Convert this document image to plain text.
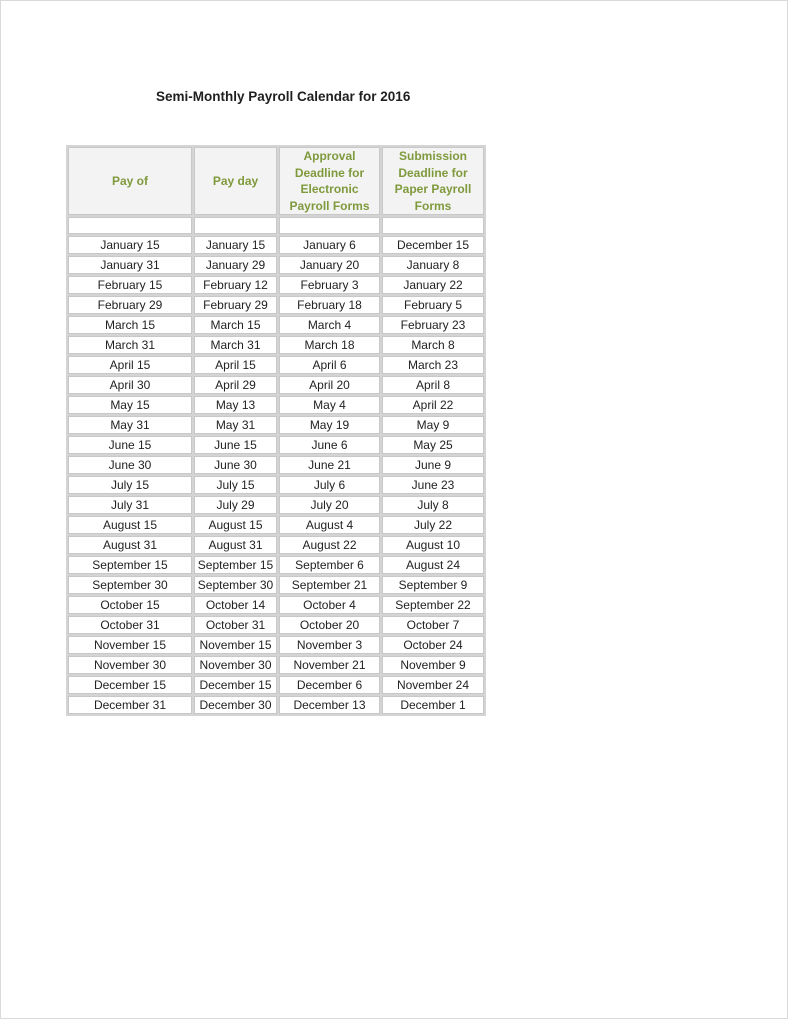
Semi-Monthly Payroll Calendar for 2016
Pay of	Pay day	Approval Deadline for Electronic Payroll Forms	Submission Deadline for Paper Payroll Forms

January 15	January 15	January 6	December 15
January 31	January 29	January 20	January 8
February 15	February 12	February 3	January 22
February 29	February 29	February 18	February 5
March 15	March 15	March 4	February 23
March 31	March 31	March 18	March 8
April 15	April 15	April 6	March 23
April 30	April 29	April 20	April 8
May 15	May 13	May 4	April 22
May 31	May 31	May 19	May 9
June 15	June 15	June 6	May 25
June 30	June 30	June 21	June 9
July 15	July 15	July 6	June 23
July 31	July 29	July 20	July 8
August 15	August 15	August 4	July 22
August 31	August 31	August 22	August 10
September 15	September 15	September 6	August 24
September 30	September 30	September 21	September 9
October 15	October 14	October 4	September 22
October 31	October 31	October 20	October 7
November 15	November 15	November 3	October 24
November 30	November 30	November 21	November 9
December 15	December 15	December 6	November 24
December 31	December 30	December 13	December 1
